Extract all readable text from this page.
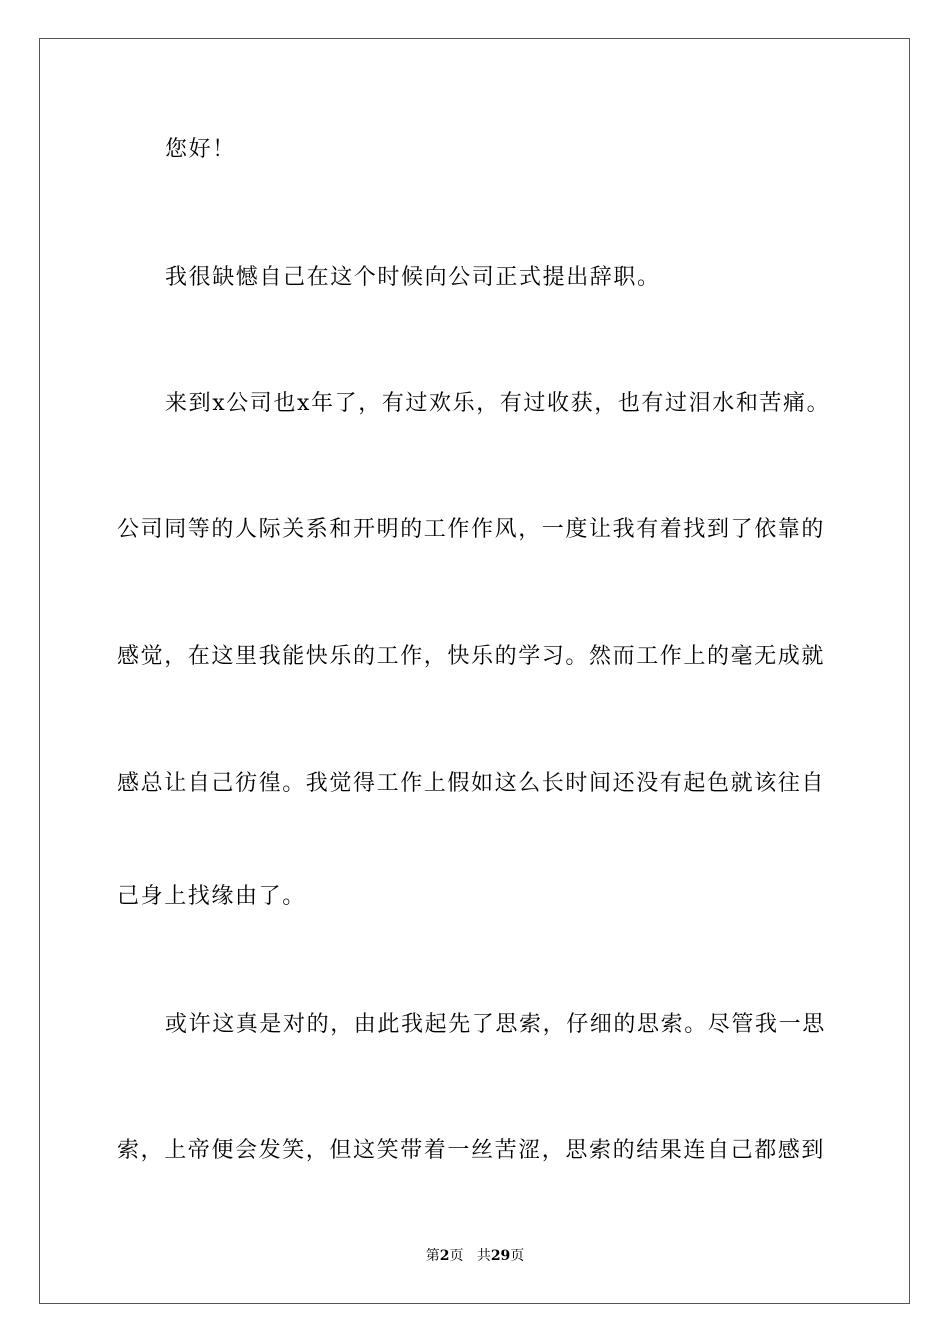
您好！
我很缺憾自己在这个时候向公司正式提出辞职。
来到x公司也x年了，有过欢乐，有过收获，也有过泪水和苦痛。
公司同等的人际关系和开明的工作作风，一度让我有着找到了依靠的
感觉，在这里我能快乐的工作，快乐的学习。然而工作上的毫无成就
感总让自己彷徨。我觉得工作上假如这么长时间还没有起色就该往自
己身上找缘由了。
或许这真是对的，由此我起先了思索，仔细的思索。尽管我一思
索，上帝便会发笑，但这笑带着一丝苦涩，思索的结果连自己都感到
第2页 共29页
